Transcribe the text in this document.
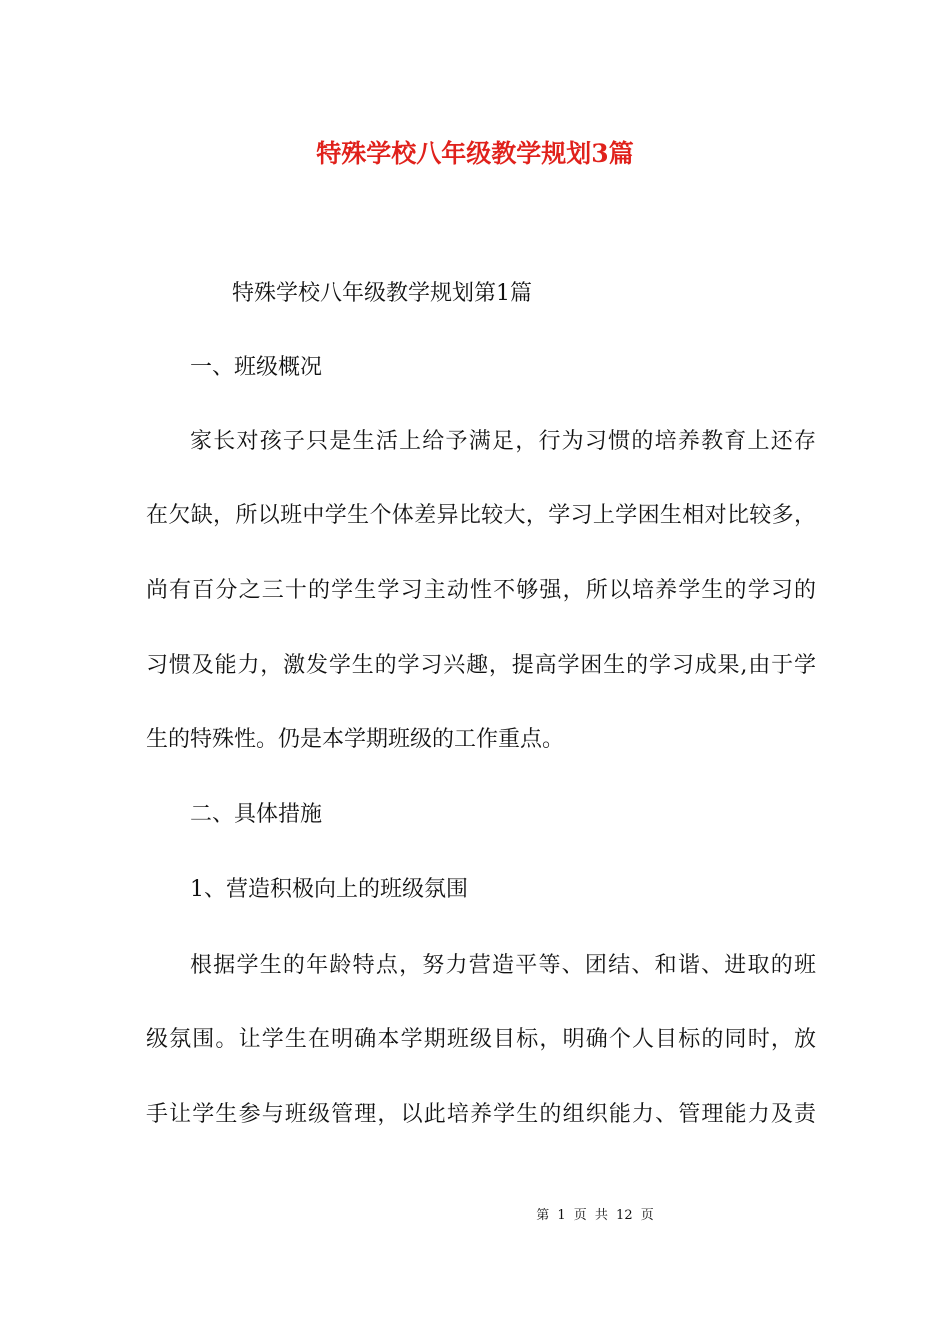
特殊学校八年级教学规划3篇

特殊学校八年级教学规划第1篇

一、班级概况

家长对孩子只是生活上给予满足，行为习惯的培养教育上还存

在欠缺，所以班中学生个体差异比较大，学习上学困生相对比较多，

尚有百分之三十的学生学习主动性不够强，所以培养学生的学习的

习惯及能力，激发学生的学习兴趣，提高学困生的学习成果,由于学

生的特殊性。仍是本学期班级的工作重点。

二、具体措施

1、营造积极向上的班级氛围

根据学生的年龄特点，努力营造平等、团结、和谐、进取的班

级氛围。让学生在明确本学期班级目标，明确个人目标的同时，放

手让学生参与班级管理，以此培养学生的组织能力、管理能力及责

第 1 页 共 12 页
